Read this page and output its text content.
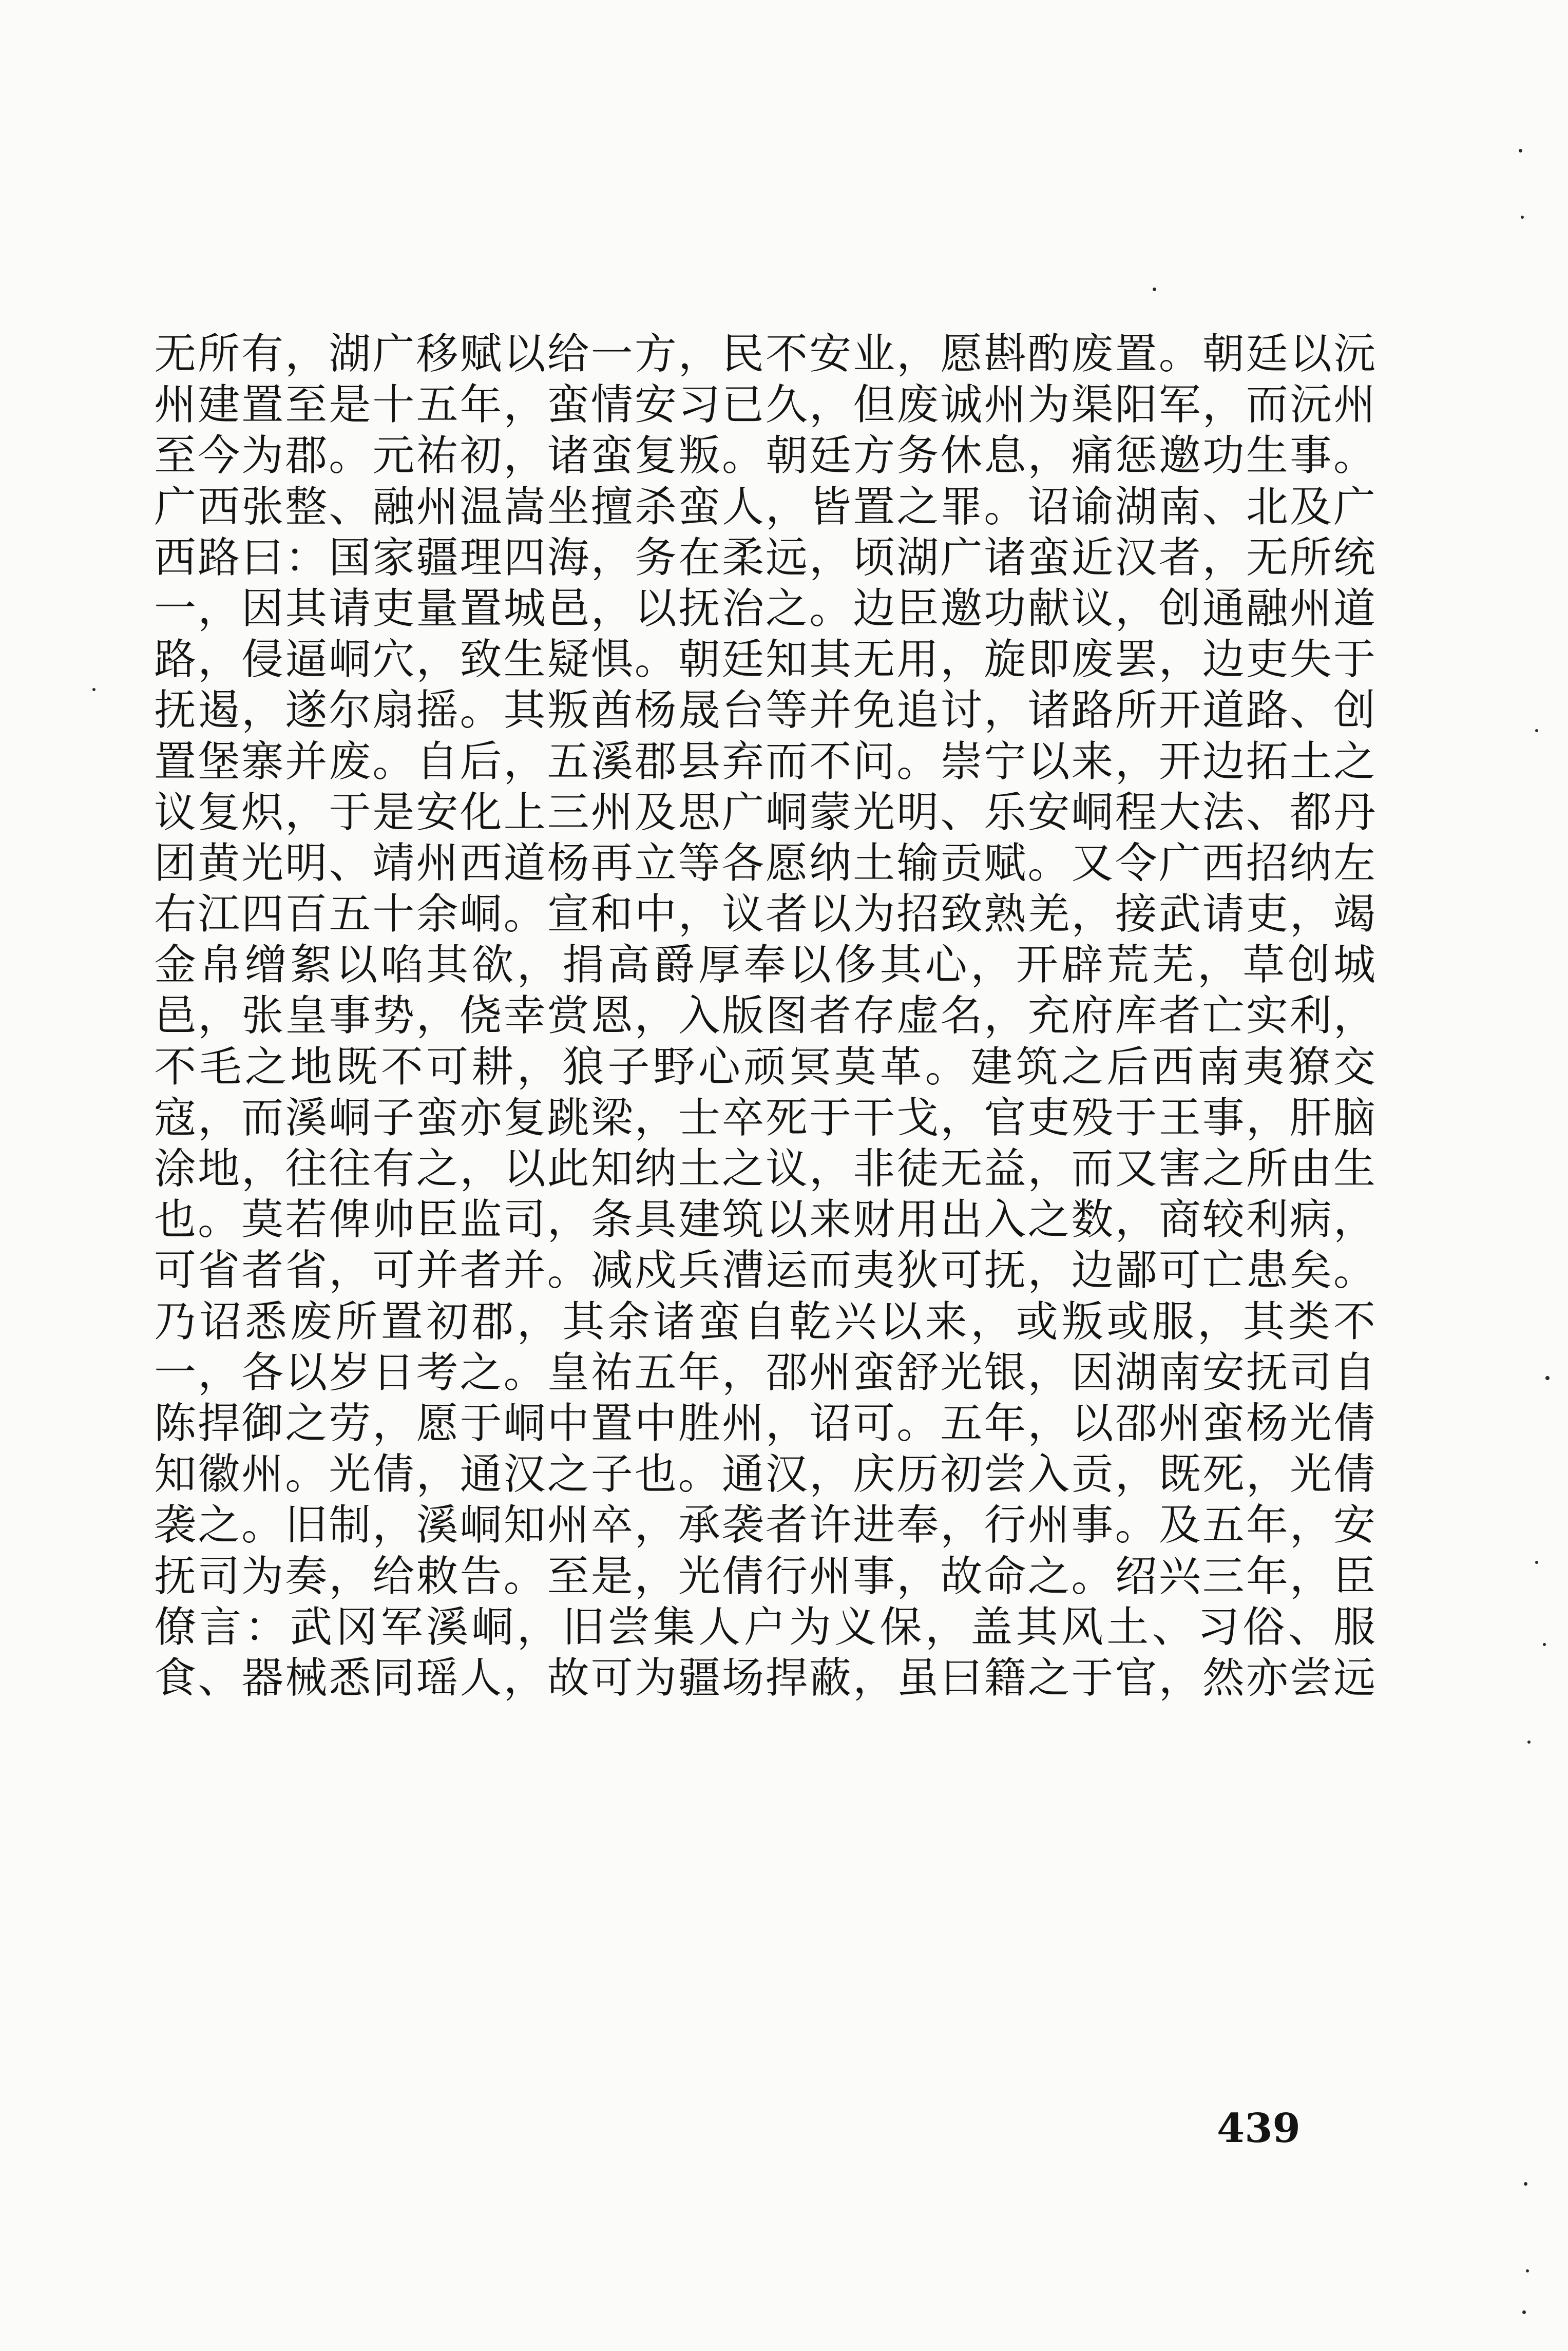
无所有，湖广移赋以给一方，民不安业，愿斟酌废置。朝廷以沅
州建置至是十五年，蛮情安习已久，但废诚州为渠阳军，而沅州
至今为郡。元祐初，诸蛮复叛。朝廷方务休息，痛惩邀功生事。
广西张整、融州温嵩坐擅杀蛮人，皆置之罪。诏谕湖南、北及广
西路曰：国家疆理四海，务在柔远，顷湖广诸蛮近汉者，无所统
一，因其请吏量置城邑，以抚治之。边臣邀功献议，创通融州道
路，侵逼峒穴，致生疑惧。朝廷知其无用，旋即废罢，边吏失于
抚遏，遂尔扇摇。其叛酋杨晟台等并免追讨，诸路所开道路、创
置堡寨并废。自后，五溪郡县弃而不问。崇宁以来，开边拓土之
议复炽，于是安化上三州及思广峒蒙光明、乐安峒程大法、都丹
团黄光明、靖州西道杨再立等各愿纳土输贡赋。又令广西招纳左
右江四百五十余峒。宣和中，议者以为招致熟羌，接武请吏，竭
金帛缯絮以啗其欲，捐高爵厚奉以侈其心，开辟荒芜，草创城
邑，张皇事势，侥幸赏恩，入版图者存虚名，充府库者亡实利，
不毛之地既不可耕，狼子野心顽冥莫革。建筑之后西南夷獠交
寇，而溪峒子蛮亦复跳梁，士卒死于干戈，官吏殁于王事，肝脑
涂地，往往有之，以此知纳土之议，非徒无益，而又害之所由生
也。莫若俾帅臣监司，条具建筑以来财用出入之数，商较利病，
可省者省，可并者并。减戍兵漕运而夷狄可抚，边鄙可亡患矣。
乃诏悉废所置初郡，其余诸蛮自乾兴以来，或叛或服，其类不
一，各以岁日考之。皇祐五年，邵州蛮舒光银，因湖南安抚司自
陈捍御之劳，愿于峒中置中胜州，诏可。五年，以邵州蛮杨光倩
知徽州。光倩，通汉之子也。通汉，庆历初尝入贡，既死，光倩
袭之。旧制，溪峒知州卒，承袭者许进奉，行州事。及五年，安
抚司为奏，给敕告。至是，光倩行州事，故命之。绍兴三年，臣
僚言：武冈军溪峒，旧尝集人户为义保，盖其风土、习俗、服
食、器械悉同瑶人，故可为疆场捍蔽，虽曰籍之于官，然亦尝远
439
